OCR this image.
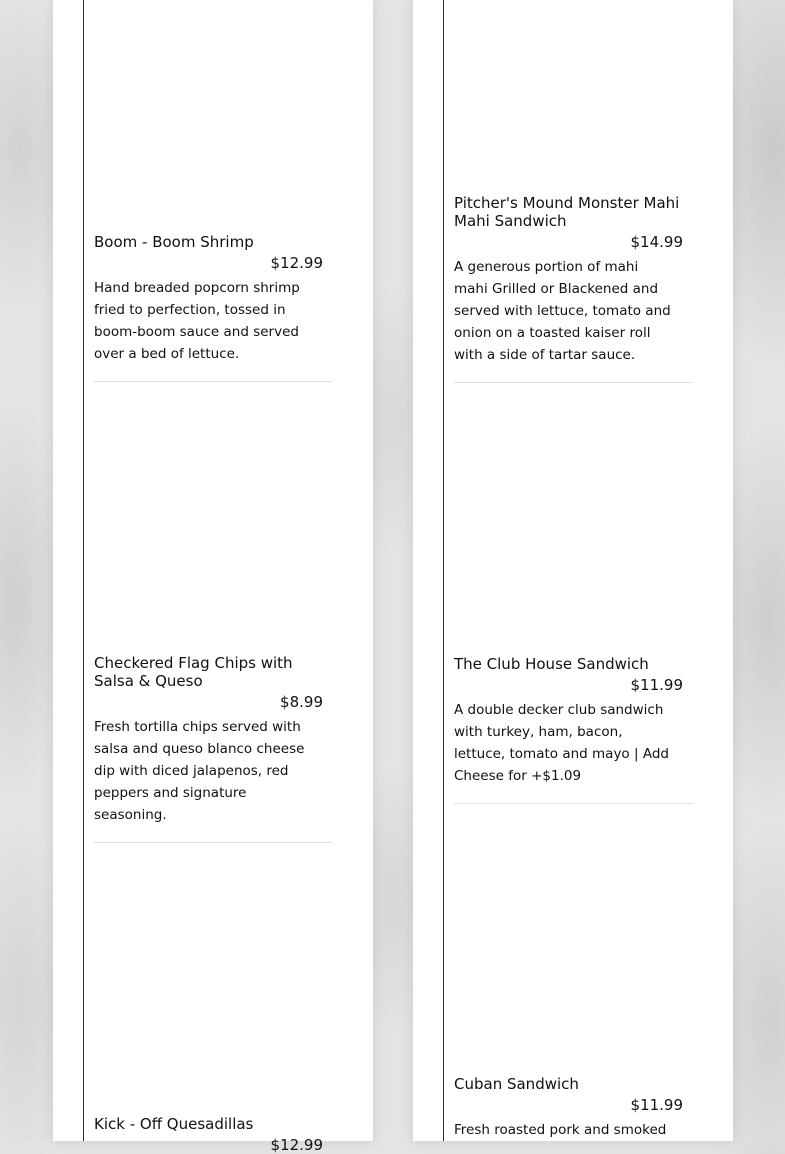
Boom - Boom Shrimp
$12.99
Hand breaded popcorn shrimp fried to perfection, tossed in boom-boom sauce and served over a bed of lettuce.
Checkered Flag Chips with Salsa & Queso
$8.99
Fresh tortilla chips served with salsa and queso blanco cheese dip with diced jalapenos, red peppers and signature seasoning.
Kick - Off Quesadillas
$12.99
Pitcher's Mound Monster Mahi Mahi Sandwich
$14.99
A generous portion of mahi mahi Grilled or Blackened and served with lettuce, tomato and onion on a toasted kaiser roll with a side of tartar sauce.
The Club House Sandwich
$11.99
A double decker club sandwich with turkey, ham, bacon, lettuce, tomato and mayo | Add Cheese for +$1.09
Cuban Sandwich
$11.99
Fresh roasted pork and smoked
